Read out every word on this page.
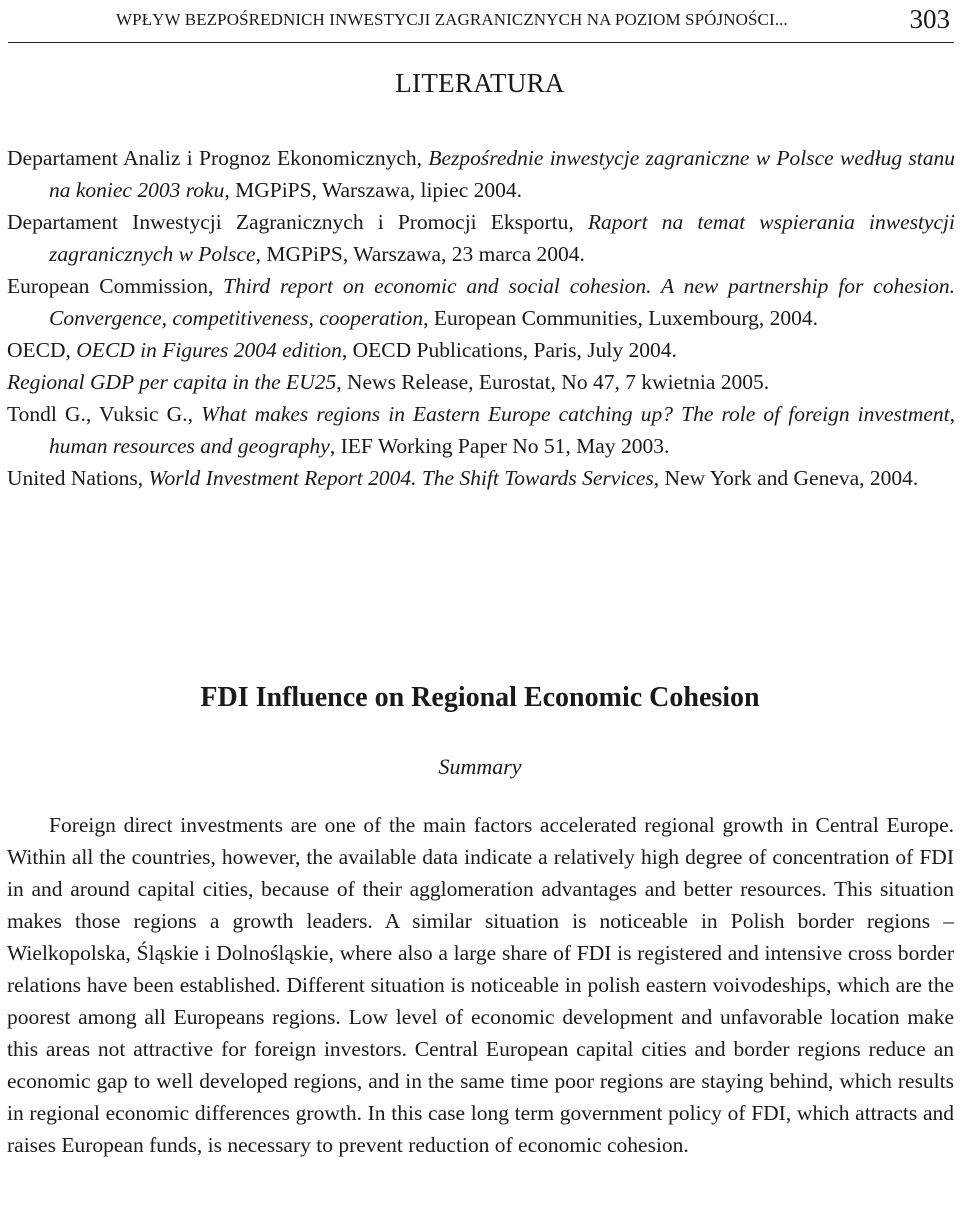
WPŁYW BEZPOŚREDNICH INWESTYCJI ZAGRANICZNYCH NA POZIOM SPÓJNOŚCI...	303
LITERATURA
Departament Analiz i Prognoz Ekonomicznych, Bezpośrednie inwestycje zagraniczne w Polsce według stanu na koniec 2003 roku, MGPiPS, Warszawa, lipiec 2004.
Departament Inwestycji Zagranicznych i Promocji Eksportu, Raport na temat wspierania inwestycji zagranicznych w Polsce, MGPiPS, Warszawa, 23 marca 2004.
European Commission, Third report on economic and social cohesion. A new partnership for cohesion. Convergence, competitiveness, cooperation, European Communities, Luxembourg, 2004.
OECD, OECD in Figures 2004 edition, OECD Publications, Paris, July 2004.
Regional GDP per capita in the EU25, News Release, Eurostat, No 47, 7 kwietnia 2005.
Tondl G., Vuksic G., What makes regions in Eastern Europe catching up? The role of foreign investment, human resources and geography, IEF Working Paper No 51, May 2003.
United Nations, World Investment Report 2004. The Shift Towards Services, New York and Geneva, 2004.
FDI Influence on Regional Economic Cohesion
Summary
Foreign direct investments are one of the main factors accelerated regional growth in Central Europe. Within all the countries, however, the available data indicate a relatively high degree of concentration of FDI in and around capital cities, because of their agglomeration advantages and better resources. This situation makes those regions a growth leaders. A similar situation is noticeable in Polish border regions – Wielkopolska, Śląskie i Dolnośląskie, where also a large share of FDI is registered and intensive cross border relations have been established. Different situation is noticeable in polish eastern voivodeships, which are the poorest among all Europeans regions. Low level of economic development and unfavorable location make this areas not attractive for foreign investors. Central European capital cities and border regions reduce an economic gap to well developed regions, and in the same time poor regions are staying behind, which results in regional economic differences growth. In this case long term government policy of FDI, which attracts and raises European funds, is necessary to prevent reduction of economic cohesion.
